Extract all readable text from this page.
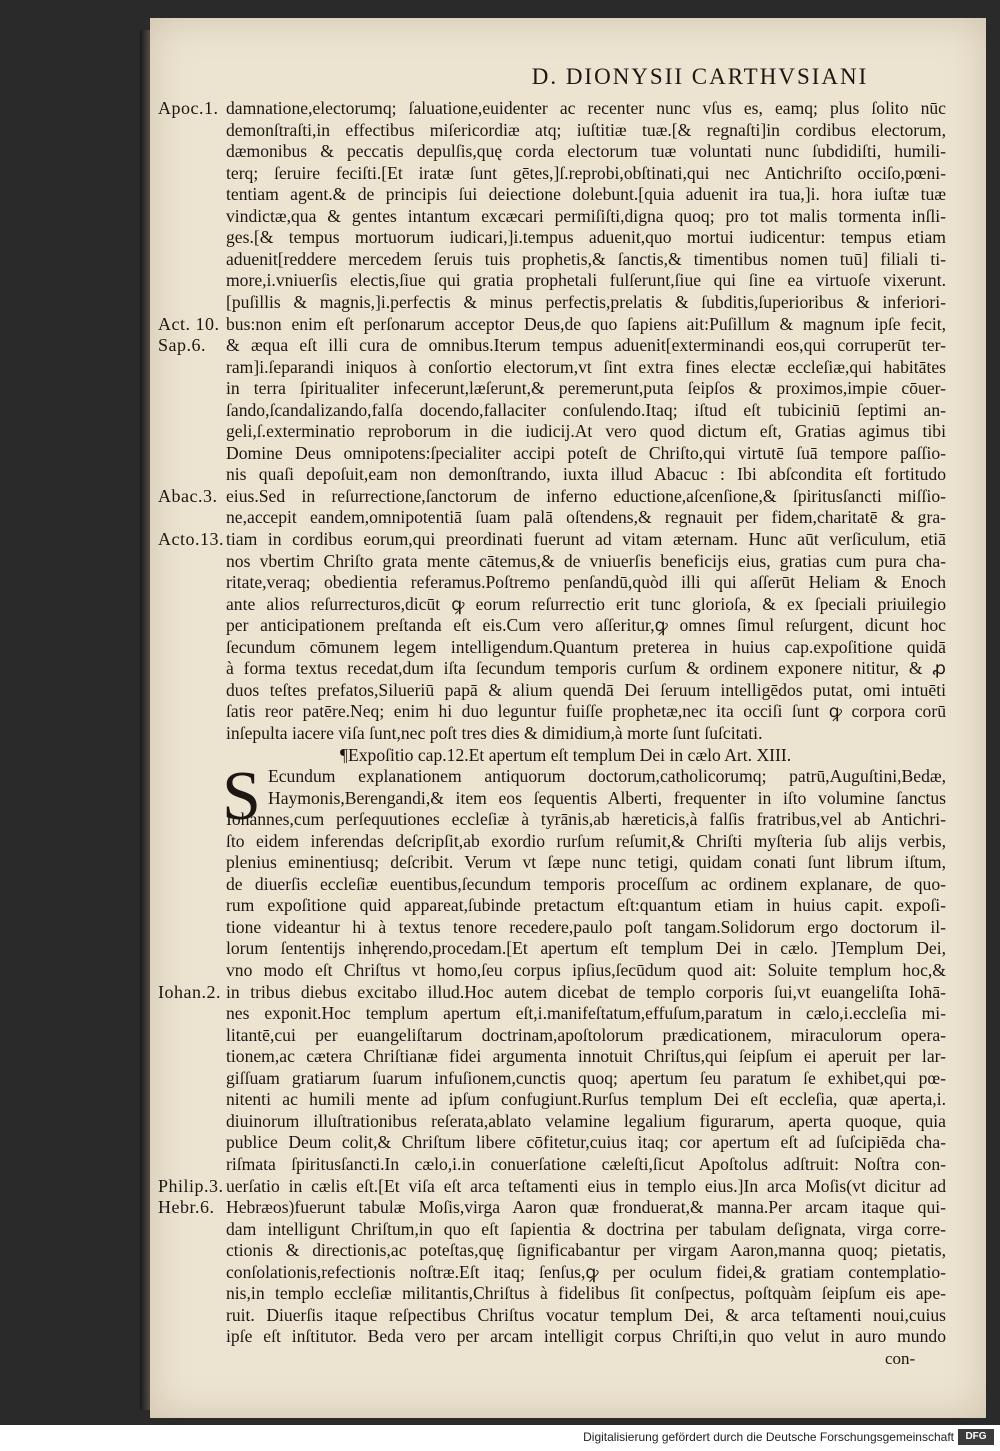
D. DIONYSII CARTHVSIANI
damnatione,electorumq; ſaluatione,euidenter ac recenter nunc vſus es, eamq; plus ſolito nūc
demonſtraſti,in effectibus miſericordiæ atq; iuſtitiæ tuæ.[& regnaſti]in cordibus electorum,
dæmonibus & peccatis depulſis,quę corda electorum tuæ voluntati nunc ſubdidiſti, humili-
terq; ſeruire feciſti.[Et iratæ ſunt gētes,]ſ.reprobi,obſtinati,qui nec Antichriſto occiſo,pœni-
tentiam agent.& de principis ſui deiectione dolebunt.[quia aduenit ira tua,]i. hora iuſtæ tuæ
vindictæ,qua & gentes intantum excæcari permiſiſti,digna quoq; pro tot malis tormenta inſli-
ges.[& tempus mortuorum iudicari,]i.tempus aduenit,quo mortui iudicentur: tempus etiam
aduenit[reddere mercedem ſeruis tuis prophetis,& ſanctis,& timentibus nomen tuū] filiali ti-
more,i.vniuerſis electis,ſiue qui gratia prophetali fulſerunt,ſiue qui ſine ea virtuoſe vixerunt.
[puſillis & magnis,]i.perfectis & minus perfectis,prelatis & ſubditis,ſuperioribus & inferiori-
bus:non enim eſt perſonarum acceptor Deus,de quo ſapiens ait:Puſillum & magnum ipſe fecit,
& æqua eſt illi cura de omnibus.Iterum tempus aduenit[exterminandi eos,qui corruperūt ter-
ram]i.ſeparandi iniquos à conſortio electorum,vt ſint extra fines electæ eccleſiæ,qui habitātes
in terra ſpiritualiter infecerunt,læſerunt,& peremerunt,puta ſeipſos & proximos,impie cōuer-
ſando,ſcandalizando,falſa docendo,fallaciter conſulendo.Itaq; iſtud eſt tubiciniū ſeptimi an-
geli,ſ.exterminatio reproborum in die iudicij.At vero quod dictum eſt, Gratias agimus tibi
Domine Deus omnipotens:ſpecialiter accipi poteſt de Chriſto,qui virtutē ſuā tempore paſſio-
nis quaſi depoſuit,eam non demonſtrando, iuxta illud Abacuc : Ibi abſcondita eſt fortitudo
eius.Sed in reſurrectione,ſanctorum de inferno eductione,aſcenſione,& ſpiritusſancti miſſio-
ne,accepit eandem,omnipotentiā ſuam palā oſtendens,& regnauit per fidem,charitatē & gra-
tiam in cordibus eorum,qui preordinati fuerunt ad vitam æternam. Hunc aūt verſiculum, etiā
nos vbertim Chriſto grata mente cātemus,& de vniuerſis beneficijs eius, gratias cum pura cha-
ritate,veraq; obedientia referamus.Poſtremo penſandū,quòd illi qui aſſerūt Heliam & Enoch
ante alios reſurrecturos,dicūt ꝙ eorum reſurrectio erit tunc glorioſa, & ex ſpeciali priuilegio
per anticipationem preſtanda eſt eis.Cum vero aſſeritur,ꝙ omnes ſimul reſurgent, dicunt hoc
ſecundum cōmunem legem intelligendum.Quantum preterea in huius cap.expoſitione quidā
à forma textus recedat,dum iſta ſecundum temporis curſum & ordinem exponere nititur, & ꝓ
duos teſtes prefatos,Silueriū papā & alium quendā Dei ſeruum intelligēdos putat, omi intuēti
ſatis reor patēre.Neq; enim hi duo leguntur fuiſſe prophetæ,nec ita occiſi ſunt ꝙ corpora corū
inſepulta iacere viſa ſunt,nec poſt tres dies & dimidium,à morte ſunt ſuſcitati.
¶Expoſitio cap.12.Et apertum eſt templum Dei in cælo Art. XIII.
S Ecundum explanationem antiquorum doctorum,catholicorumq; patrū,Auguſtini,Bedæ,
Haymonis,Berengandi,& item eos ſequentis Alberti, frequenter in iſto volumine ſanctus
Iohannes,cum perſequutiones eccleſiæ à tyrānis,ab hæreticis,à falſis fratribus,vel ab Antichri-
ſto eidem inferendas deſcripſit,ab exordio rurſum reſumit,& Chriſti myſteria ſub alijs verbis,
plenius eminentiusq; deſcribit. Verum vt ſæpe nunc tetigi, quidam conati ſunt librum iſtum,
de diuerſis eccleſiæ euentibus,ſecundum temporis proceſſum ac ordinem explanare, de quo-
rum expoſitione quid appareat,ſubinde pretactum eſt:quantum etiam in huius capit. expoſi-
tione videantur hi à textus tenore recedere,paulo poſt tangam.Solidorum ergo doctorum il-
lorum ſententijs inhęrendo,procedam.[Et apertum eſt templum Dei in cælo. ]Templum Dei,
vno modo eſt Chriſtus vt homo,ſeu corpus ipſius,ſecūdum quod ait: Soluite templum hoc,&
in tribus diebus excitabo illud.Hoc autem dicebat de templo corporis ſui,vt euangeliſta Iohā-
nes exponit.Hoc templum apertum eſt,i.manifeſtatum,effuſum,paratum in cælo,i.eccleſia mi-
litantē,cui per euangeliſtarum doctrinam,apoſtolorum prædicationem, miraculorum opera-
tionem,ac cætera Chriſtianæ fidei argumenta innotuit Chriſtus,qui ſeipſum ei aperuit per lar-
giſſuam gratiarum ſuarum infuſionem,cunctis quoq; apertum ſeu paratum ſe exhibet,qui pœ-
nitenti ac humili mente ad ipſum confugiunt.Rurſus templum Dei eſt eccleſia, quæ aperta,i.
diuinorum illuſtrationibus reſerata,ablato velamine legalium figurarum, aperta quoque, quia
publice Deum colit,& Chriſtum libere cōfitetur,cuius itaq; cor apertum eſt ad ſuſcipiēda cha-
riſmata ſpiritusſancti.In cælo,i.in conuerſatione cæleſti,ſicut Apoſtolus adſtruit: Noſtra con-
uerſatio in cælis eſt.[Et viſa eſt arca teſtamenti eius in templo eius.]In arca Moſis(vt dicitur ad
Hebræos)fuerunt tabulæ Moſis,virga Aaron quæ fronduerat,& manna.Per arcam itaque qui-
dam intelligunt Chriſtum,in quo eſt ſapientia & doctrina per tabulam deſignata, virga corre-
ctionis & directionis,ac poteſtas,quę ſignificabantur per virgam Aaron,manna quoq; pietatis,
conſolationis,refectionis noſtræ.Eſt itaq; ſenſus,ꝙ per oculum fidei,& gratiam contemplatio-
nis,in templo eccleſiæ militantis,Chriſtus à fidelibus ſit conſpectus, poſtquàm ſeipſum eis ape-
ruit. Diuerſis itaque reſpectibus Chriſtus vocatur templum Dei, & arca teſtamenti noui,cuius
ipſe eſt inſtitutor. Beda vero per arcam intelligit corpus Chriſti,in quo velut in auro mundo
con-
Apoc.1.
Act. 10.
Sap.6.
Abac.3.
Acto.13.
Iohan.2.
Philip.3.
Hebr.6.
Digitalisierung gefördert durch die Deutsche Forschungsgemeinschaft	DFG
